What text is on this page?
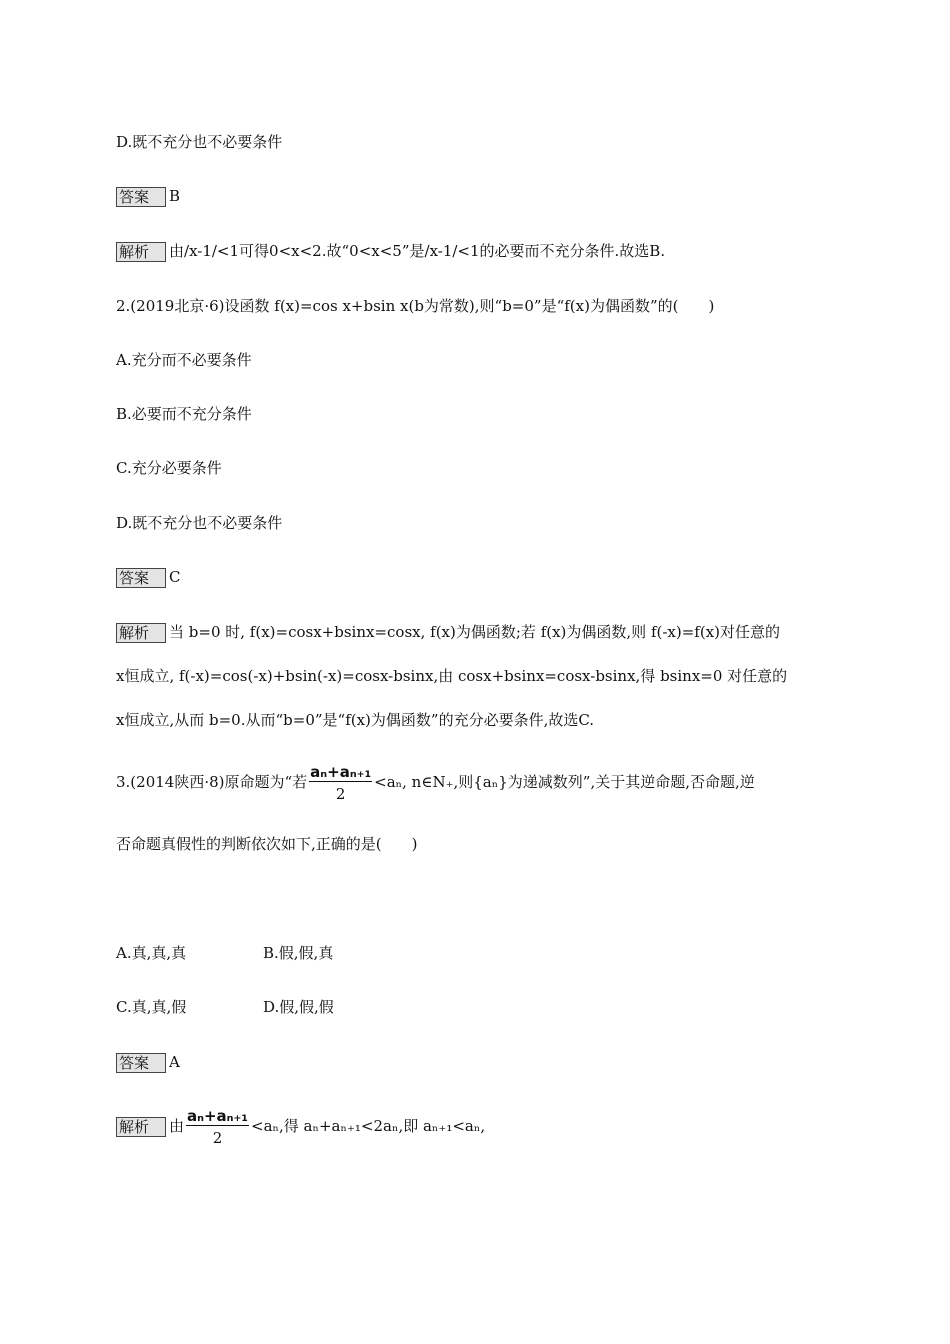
D.既不充分也不必要条件
答案 B
解析 由/x-1/<1可得0<x<2.故“0<x<5”是/x-1/<1的必要而不充分条件.故选B.
2.(2019北京·6)设函数 f(x)=cos x+bsin x(b为常数),则“b=0”是“f(x)为偶函数”的(　　)
A.充分而不必要条件
B.必要而不充分条件
C.充分必要条件
D.既不充分也不必要条件
答案 C
解析 当 b=0 时, f(x)=cosx+bsinx=cosx, f(x)为偶函数;若 f(x)为偶函数,则 f(-x)=f(x)对任意的
x恒成立, f(-x)=cos(-x)+bsin(-x)=cosx-bsinx,由 cosx+bsinx=cosx-bsinx,得 bsinx=0 对任意的
x恒成立,从而 b=0.从而“b=0”是“f(x)为偶函数”的充分必要条件,故选C.
3.(2014陕西·8)原命题为“若 $\frac{\text{aₙ+aₙ₊₁}}{2} <a_n$, n∈N₊,则{aₙ}为递减数列”,关于其逆命题,否命题,逆
否命题真假性的判断依次如下,正确的是(　　)
A.真,真,真	B.假,假,真
C.真,真,假	D.假,假,假
答案 A
解析 由 $\frac{\text{aₙ+aₙ₊₁}}{2} <a_n$,得 aₙ+aₙ₊₁<2aₙ,即 aₙ₊₁<aₙ,
